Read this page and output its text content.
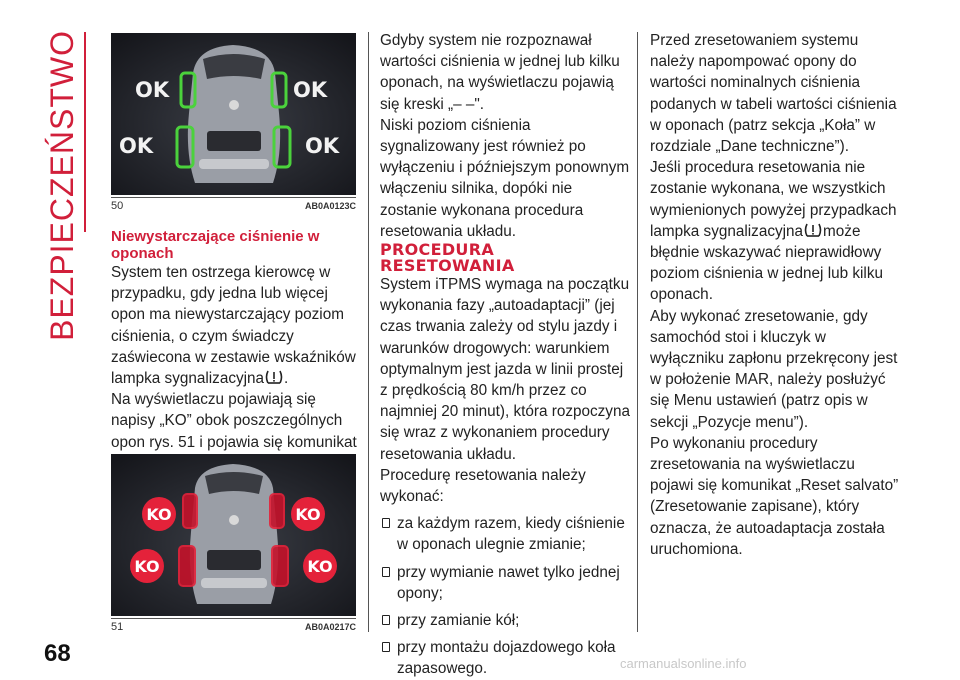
BEZPIECZEŃSTWO
68
OK	OK
OK	OK
50	AB0A0123C

Niewystarczające ciśnienie w oponach

System ten ostrzega kierowcę w przypadku, gdy jedna lub więcej opon ma niewystarczający poziom ciśnienia, o czym świadczy zaświecona w zestawie wskaźników lampka sygnalizacyjna .

Na wyświetlaczu pojawiają się napisy „KO” obok poszczególnych opon rys. 51 i pojawia się komunikat

KO	KO
KO	KO
51	AB0A0217C

Gdyby system nie rozpoznawał wartości ciśnienia w jednej lub kilku oponach, na wyświetlaczu pojawią się kreski „– –".

Niski poziom ciśnienia sygnalizowany jest również po wyłączeniu i późniejszym ponownym włączeniu silnika, dopóki nie zostanie wykonana procedura resetowania układu.

PROCEDURA
RESETOWANIA

System iTPMS wymaga na początku wykonania fazy „autoadaptacji” (jej czas trwania zależy od stylu jazdy i warunków drogowych: warunkiem optymalnym jest jazda w linii prostej z prędkością 80 km/h przez co najmniej 20 minut), która rozpoczyna się wraz z wykonaniem procedury resetowania układu.

Procedurę resetowania należy wykonać:

za każdym razem, kiedy ciśnienie w oponach ulegnie zmianie;
przy wymianie nawet tylko jednej opony;
przy zamianie kół;
przy montażu dojazdowego koła zapasowego.

Przed zresetowaniem systemu należy napompować opony do wartości nominalnych ciśnienia podanych w tabeli wartości ciśnienia w oponach (patrz sekcja „Koła” w rozdziale „Dane techniczne”).

Jeśli procedura resetowania nie zostanie wykonana, we wszystkich wymienionych powyżej przypadkach lampka sygnalizacyjna może błędnie wskazywać nieprawidłowy poziom ciśnienia w jednej lub kilku oponach.

Aby wykonać zresetowanie, gdy samochód stoi i kluczyk w wyłączniku zapłonu przekręcony jest w położenie MAR, należy posłużyć się Menu ustawień (patrz opis w sekcji „Pozycje menu”).

Po wykonaniu procedury zresetowania na wyświetlaczu pojawi się komunikat „Reset salvato” (Zresetowanie zapisane), który oznacza, że autoadaptacja została uruchomiona.

carmanualsonline.info
